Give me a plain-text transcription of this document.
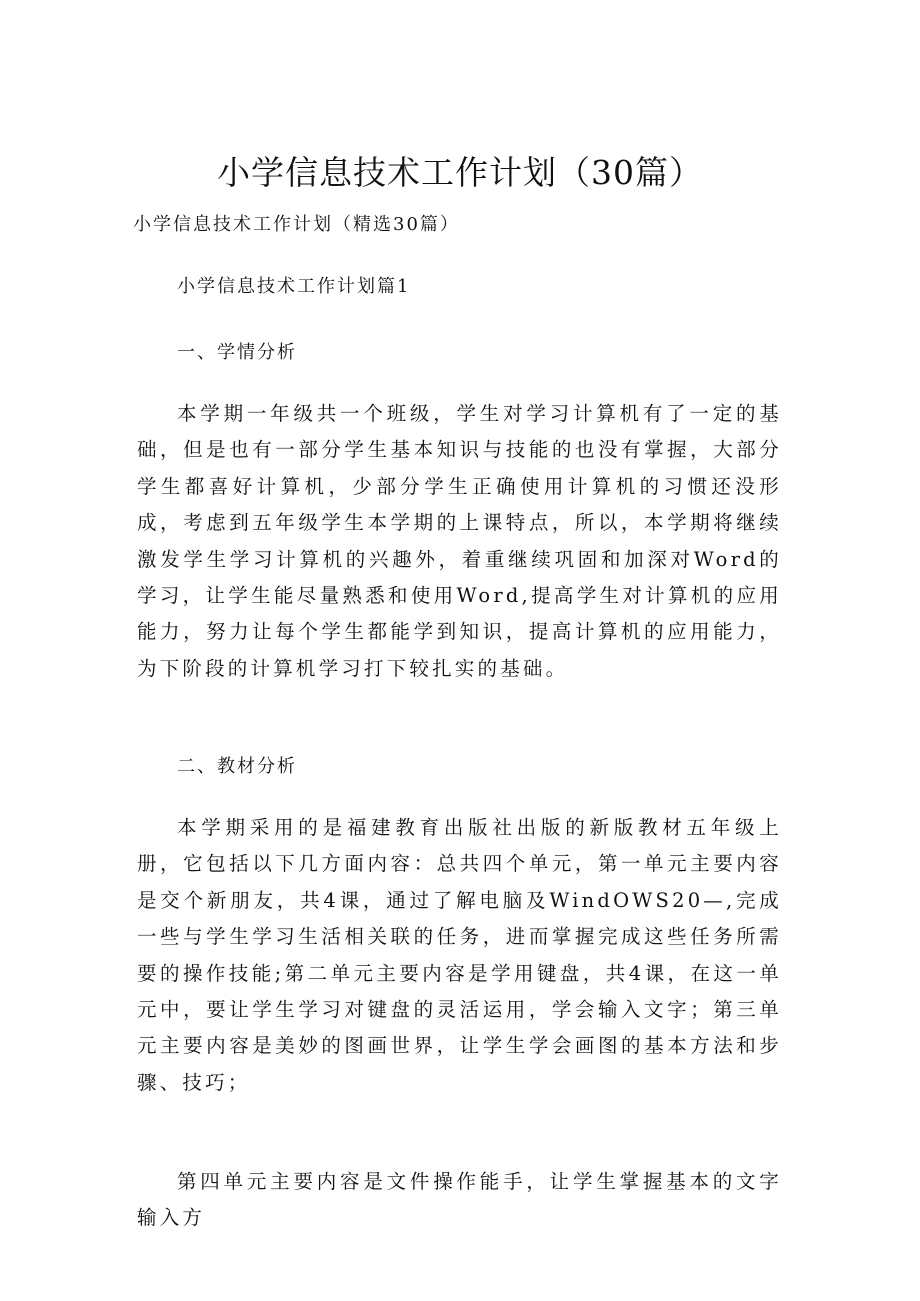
小学信息技术工作计划（30篇）
小学信息技术工作计划（精选30篇）
小学信息技术工作计划篇1
一、学情分析

本学期一年级共一个班级，学生对学习计算机有了一定的基础，但是也有一部分学生基本知识与技能的也没有掌握，大部分学生都喜好计算机，少部分学生正确使用计算机的习惯还没形成，考虑到五年级学生本学期的上课特点，所以，本学期将继续激发学生学习计算机的兴趣外，着重继续巩固和加深对Word的学习，让学生能尽量熟悉和使用Word,提高学生对计算机的应用能力，努力让每个学生都能学到知识，提高计算机的应用能力，为下阶段的计算机学习打下较扎实的基础。

二、教材分析

本学期采用的是福建教育出版社出版的新版教材五年级上册，它包括以下几方面内容：总共四个单元，第一单元主要内容是交个新朋友，共4课，通过了解电脑及WindOWS20—,完成一些与学生学习生活相关联的任务，进而掌握完成这些任务所需要的操作技能;第二单元主要内容是学用键盘，共4课，在这一单元中，要让学生学习对键盘的灵活运用，学会输入文字；第三单元主要内容是美妙的图画世界，让学生学会画图的基本方法和步骤、技巧；

第四单元主要内容是文件操作能手，让学生掌握基本的文字输入方
